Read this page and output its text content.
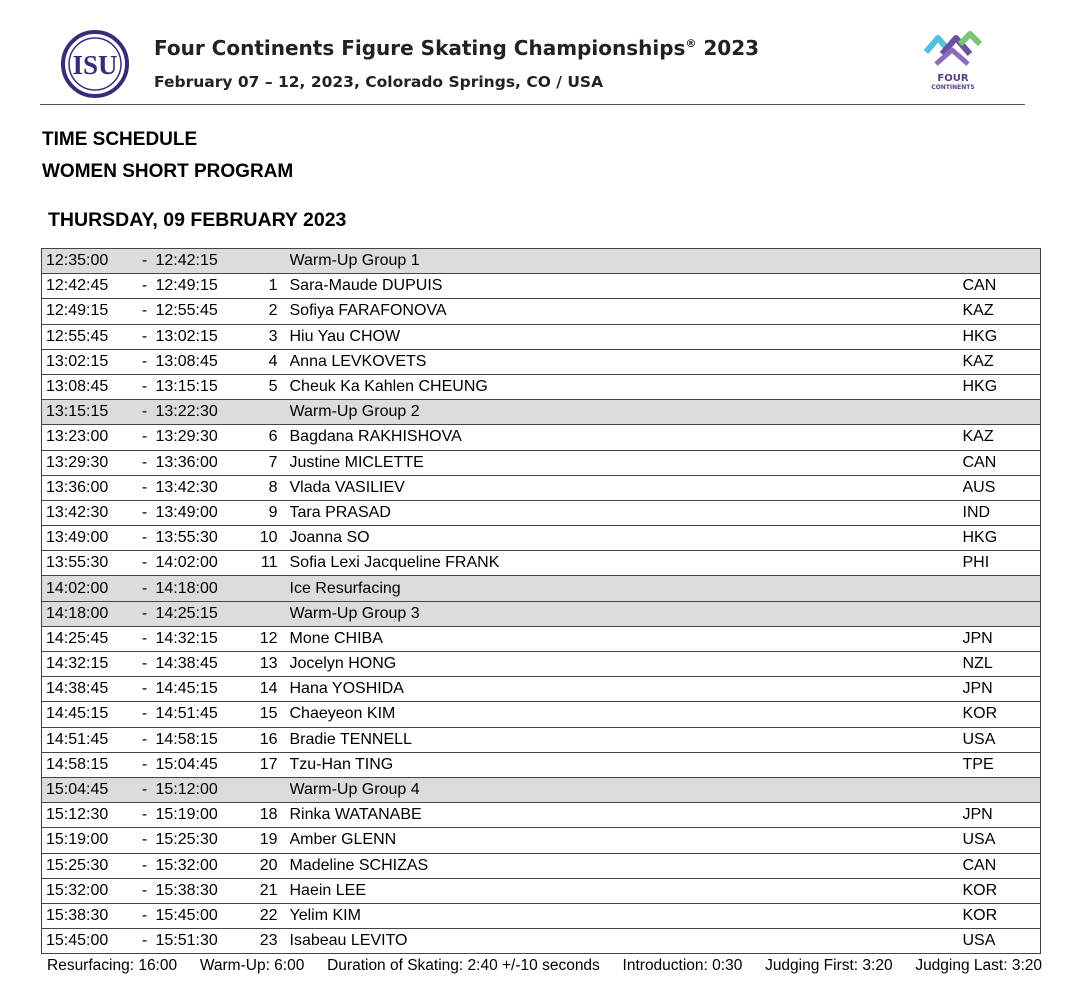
ISU
Four Continents Figure Skating Championships® 2023
February 07 – 12, 2023, Colorado Springs, CO / USA	FOUR
CONTINENTS
TIME SCHEDULE
WOMEN SHORT PROGRAM
THURSDAY, 09 FEBRUARY 2023
12:35:00	-	12:42:15		Warm-Up Group 1	
12:42:45	-	12:49:15	1	Sara-Maude DUPUIS	CAN
12:49:15	-	12:55:45	2	Sofiya FARAFONOVA	KAZ
12:55:45	-	13:02:15	3	Hiu Yau CHOW	HKG
13:02:15	-	13:08:45	4	Anna LEVKOVETS	KAZ
13:08:45	-	13:15:15	5	Cheuk Ka Kahlen CHEUNG	HKG
13:15:15	-	13:22:30		Warm-Up Group 2	
13:23:00	-	13:29:30	6	Bagdana RAKHISHOVA	KAZ
13:29:30	-	13:36:00	7	Justine MICLETTE	CAN
13:36:00	-	13:42:30	8	Vlada VASILIEV	AUS
13:42:30	-	13:49:00	9	Tara PRASAD	IND
13:49:00	-	13:55:30	10	Joanna SO	HKG
13:55:30	-	14:02:00	11	Sofia Lexi Jacqueline FRANK	PHI
14:02:00	-	14:18:00		Ice Resurfacing	
14:18:00	-	14:25:15		Warm-Up Group 3	
14:25:45	-	14:32:15	12	Mone CHIBA	JPN
14:32:15	-	14:38:45	13	Jocelyn HONG	NZL
14:38:45	-	14:45:15	14	Hana YOSHIDA	JPN
14:45:15	-	14:51:45	15	Chaeyeon KIM	KOR
14:51:45	-	14:58:15	16	Bradie TENNELL	USA
14:58:15	-	15:04:45	17	Tzu-Han TING	TPE
15:04:45	-	15:12:00		Warm-Up Group 4	
15:12:30	-	15:19:00	18	Rinka WATANABE	JPN
15:19:00	-	15:25:30	19	Amber GLENN	USA
15:25:30	-	15:32:00	20	Madeline SCHIZAS	CAN
15:32:00	-	15:38:30	21	Haein LEE	KOR
15:38:30	-	15:45:00	22	Yelim KIM	KOR
15:45:00	-	15:51:30	23	Isabeau LEVITO	USA
Resurfacing: 16:00 Warm-Up: 6:00 Duration of Skating: 2:40 +/-10 seconds Introduction: 0:30 Judging First: 3:20 Judging Last: 3:20
